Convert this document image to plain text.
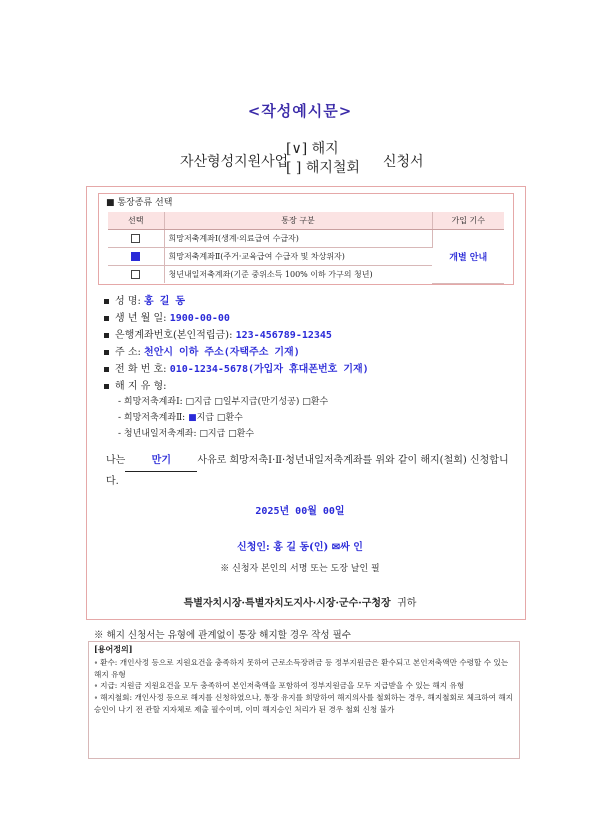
<작성예시문>
자산형성지원사업
[∨] 해지
[ ] 해지철회 신청서
■ 통장종류 선택
선택	통장 구분	가입 기수
	희망저축계좌Ⅰ(생계·의료급여 수급자)	개별 안내
	희망저축계좌Ⅱ(주거·교육급여 수급자 및 차상위자)	
	청년내일저축계좌(기준 중위소득 100% 이하 가구의 청년)	
성 명: 홍 길 동
생 년 월 일: 1900-00-00
은행계좌번호(본인적립금): 123-456789-12345
주 소: 천안시 이하 주소(자택주소 기재)
전 화 번 호: 010-1234-5678(가입자 휴대폰번호 기재)
해 지 유 형:
- 희망저축계좌Ⅰ: □지급 □일부지급(만기성공) □환수
- 희망저축계좌Ⅱ: ■지급 □환수
- 청년내일저축계좌: □지급 □환수
나는	만기	사유로 희망저축Ⅰ·Ⅱ·청년내일저축계좌를 위와 같이 해지(철회) 신청합니다.
2025년 00월 00일
신청인: 홍 길 동(인) ✉싸 인
※ 신청자 본인의 서명 또는 도장 날인 필
특별자치시장·특별자치도지사·시장·군수·구청장 귀하
※ 해지 신청서는 유형에 관계없이 통장 해지할 경우 작성 필수
[용어정의]
∘ 환수: 개인사정 등으로 지원요건을 충족하지 못하여 근로소득장려금 등 정부지원금은 환수되고 본인저축액만 수령할 수 있는 해지 유형
∘ 지급: 지원금 지원요건을 모두 충족하여 본인저축액을 포함하여 정부지원금을 모두 지급받을 수 있는 해지 유형
∘ 해지철회: 개인사정 등으로 해지를 신청하였으나, 통장 유지를 희망하여 해지의사를 철회하는 경우, 해지철회로 체크하여 해지 승인이 나기 전 관할 지자체로 제출 필수이며, 이미 해지승인 처리가 된 경우 철회 신청 불가
